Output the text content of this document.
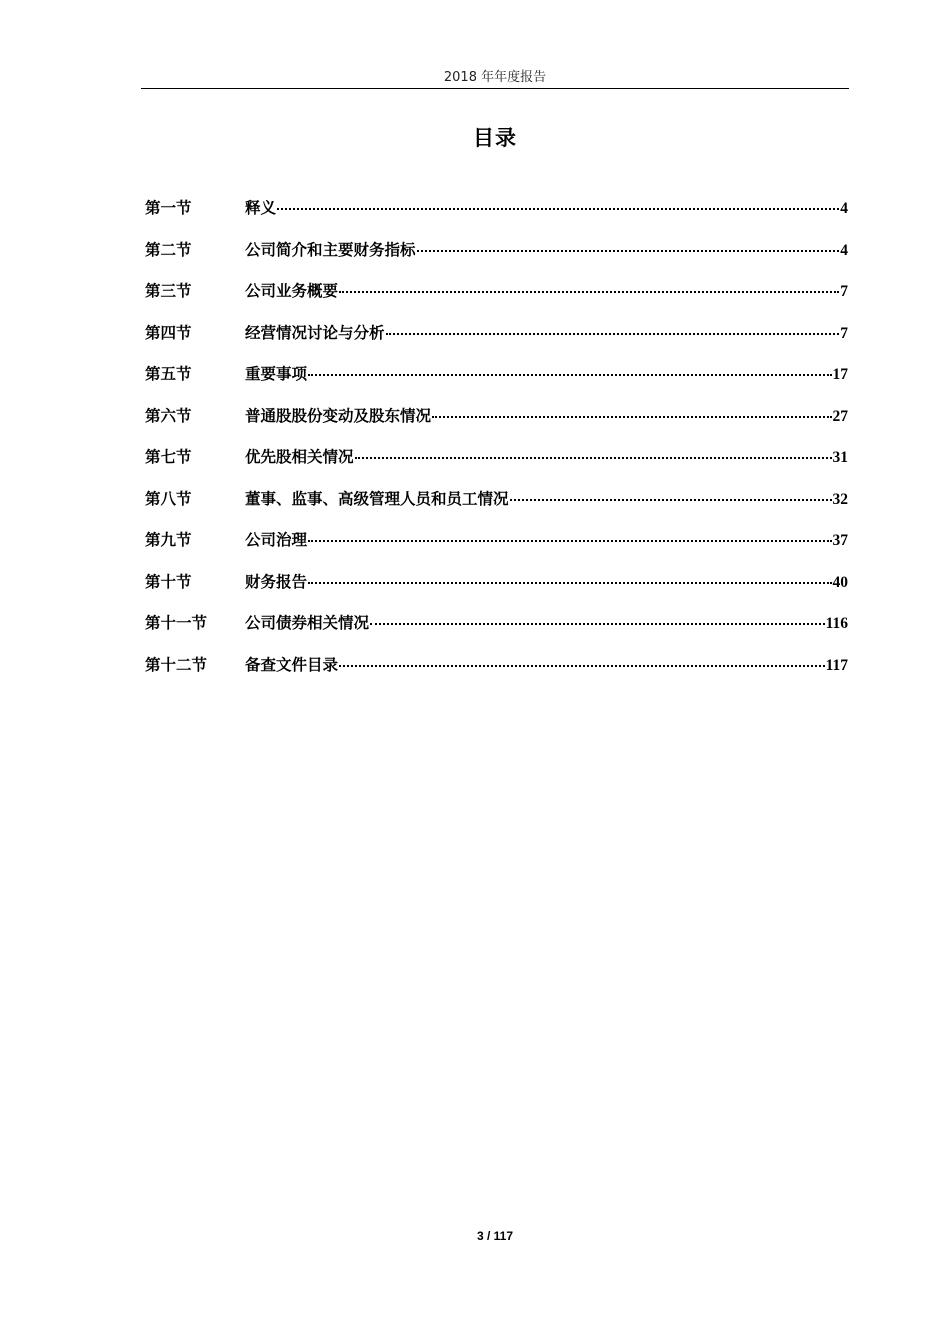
2018 年年度报告
目录
第一节	释义	4
第二节	公司简介和主要财务指标	4
第三节	公司业务概要	7
第四节	经营情况讨论与分析	7
第五节	重要事项	17
第六节	普通股股份变动及股东情况	27
第七节	优先股相关情况	31
第八节	董事、监事、高级管理人员和员工情况	32
第九节	公司治理	37
第十节	财务报告	40
第十一节	公司债券相关情况	116
第十二节	备查文件目录	117
3 / 117
